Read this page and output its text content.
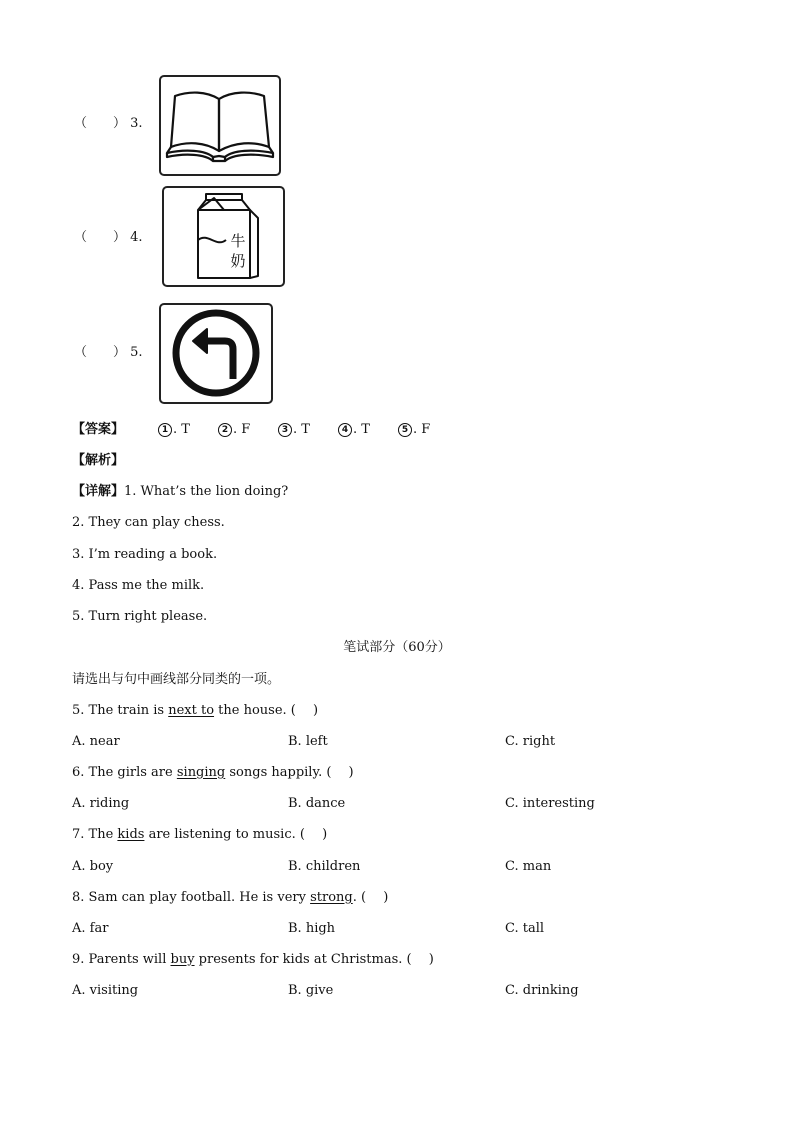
（　　） 3.
（　　） 4.	牛
奶
（　　） 5.
【答案】	1 . T	2 . F	3 . T	4 . T	5 . F
【解析】
【详解】1. What’s the lion doing?
2. They can play chess.
3. I’m reading a book.
4. Pass me the milk.
5. Turn right please.
笔试部分（60分）
请选出与句中画线部分同类的一项。
5. The train is next to the house. (　 )
A. near	B. left	C. right
6. The girls are singing songs happily. (　 )
A. riding	B. dance	C. interesting
7. The kids are listening to music. (　 )
A. boy	B. children	C. man
8. Sam can play football. He is very strong. (　 )
A. far	B. high	C. tall
9. Parents will buy presents for kids at Christmas. (　 )
A. visiting	B. give	C. drinking
